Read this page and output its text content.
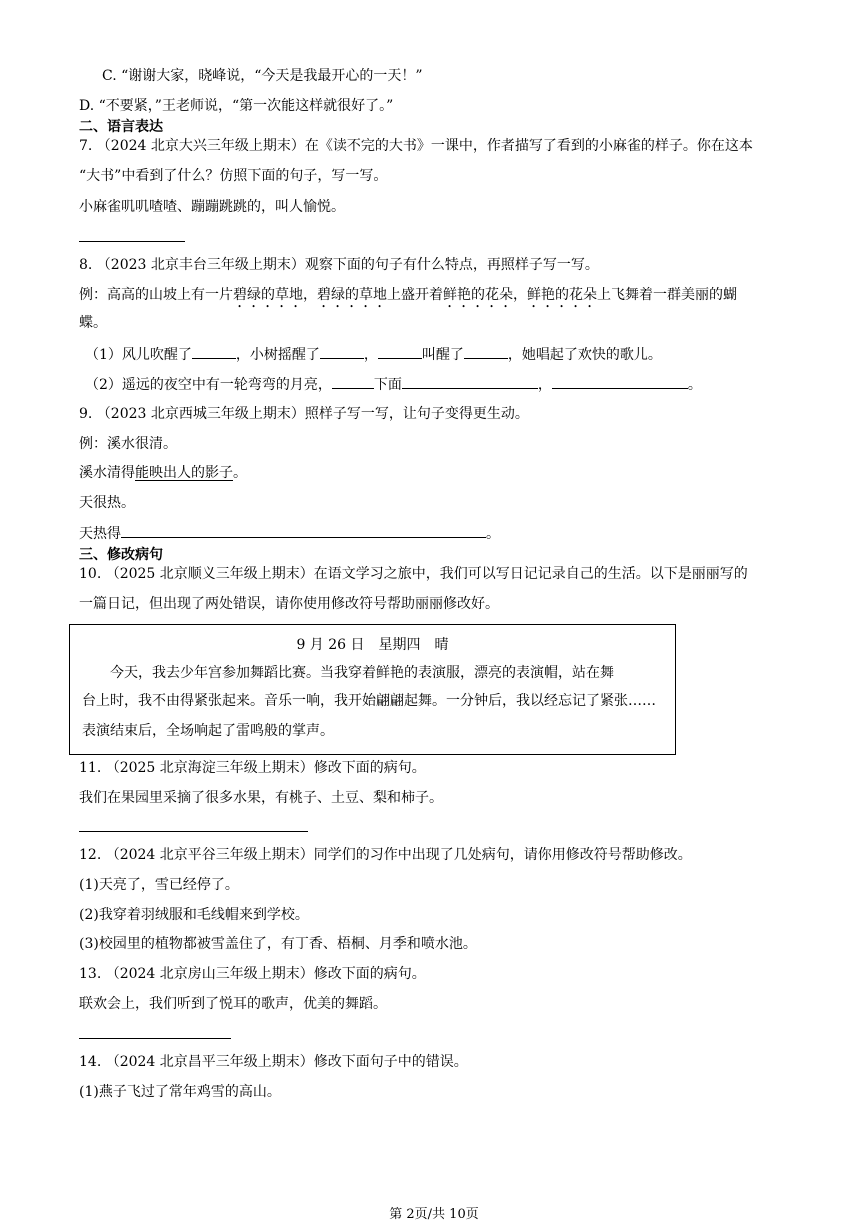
C. “谢谢大家，晓峰说，“今天是我最开心的一天！”
D. “不要紧，”王老师说，“第一次能这样就很好了。”
二、语言表达
7. （2024 北京大兴三年级上期末）在《读不完的大书》一课中，作者描写了看到的小麻雀的样子。你在这本
“大书”中看到了什么？仿照下面的句子，写一写。
小麻雀叽叽喳喳、蹦蹦跳跳的，叫人愉悦。
8. （2023 北京丰台三年级上期末）观察下面的句子有什么特点，再照样子写一写。
例：高高的山坡上有一片碧绿的草地，碧绿的草地上盛开着鲜艳的花朵，鲜艳的花朵上飞舞着一群美丽的蝴
蝶。
（1）风儿吹醒了	，小树摇醒了	，	叫醒了	，她唱起了欢快的歌儿。
（2）遥远的夜空中有一轮弯弯的月亮，	下面	，	。
9. （2023 北京西城三年级上期末）照样子写一写，让句子变得更生动。
例：溪水很清。
溪水清得能映出人的影子。
天很热。
天热得	。
三、修改病句
10. （2025 北京顺义三年级上期末）在语文学习之旅中，我们可以写日记记录自己的生活。以下是丽丽写的
一篇日记，但出现了两处错误，请你使用修改符号帮助丽丽修改好。
9 月 26 日　星期四　晴
　　今天，我去少年宫参加舞蹈比赛。当我穿着鲜艳的表演服，漂亮的表演帽，站在舞
台上时，我不由得紧张起来。音乐一响，我开始翩翩起舞。一分钟后，我以经忘记了紧张……
表演结束后，全场响起了雷鸣般的掌声。
11. （2025 北京海淀三年级上期末）修改下面的病句。
我们在果园里采摘了很多水果，有桃子、土豆、梨和柿子。
12. （2024 北京平谷三年级上期末）同学们的习作中出现了几处病句，请你用修改符号帮助修改。
(1)天亮了，雪已经停了。
(2)我穿着羽绒服和毛线帽来到学校。
(3)校园里的植物都被雪盖住了，有丁香、梧桐、月季和喷水池。
13. （2024 北京房山三年级上期末）修改下面的病句。
联欢会上，我们听到了悦耳的歌声，优美的舞蹈。
14. （2024 北京昌平三年级上期末）修改下面句子中的错误。
(1)燕子飞过了常年鸡雪的高山。
第 2页/共 10页
